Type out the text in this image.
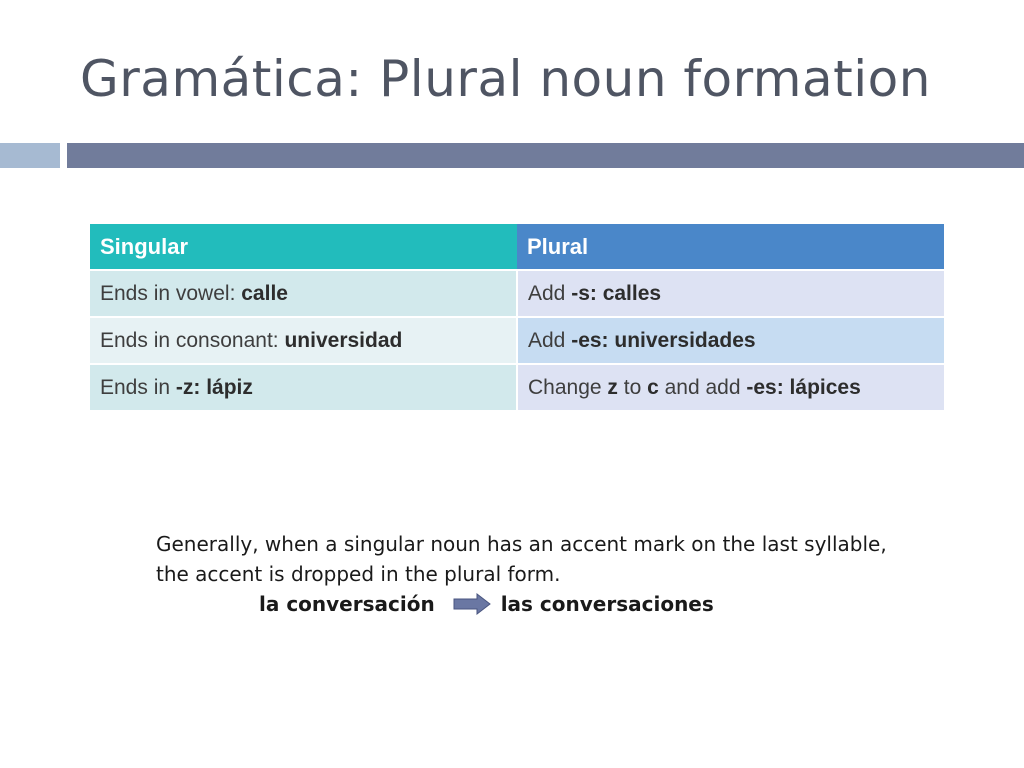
Gramática: Plural noun formation
Singular	Plural
Ends in vowel: calle	Add -s: calles
Ends in consonant: universidad	Add -es: universidades
Ends in -z: lápiz	Change z to c and add -es: lápices
Generally, when a singular noun has an accent mark on the last syllable, the accent is dropped in the plural form.
la conversación	las conversaciones
